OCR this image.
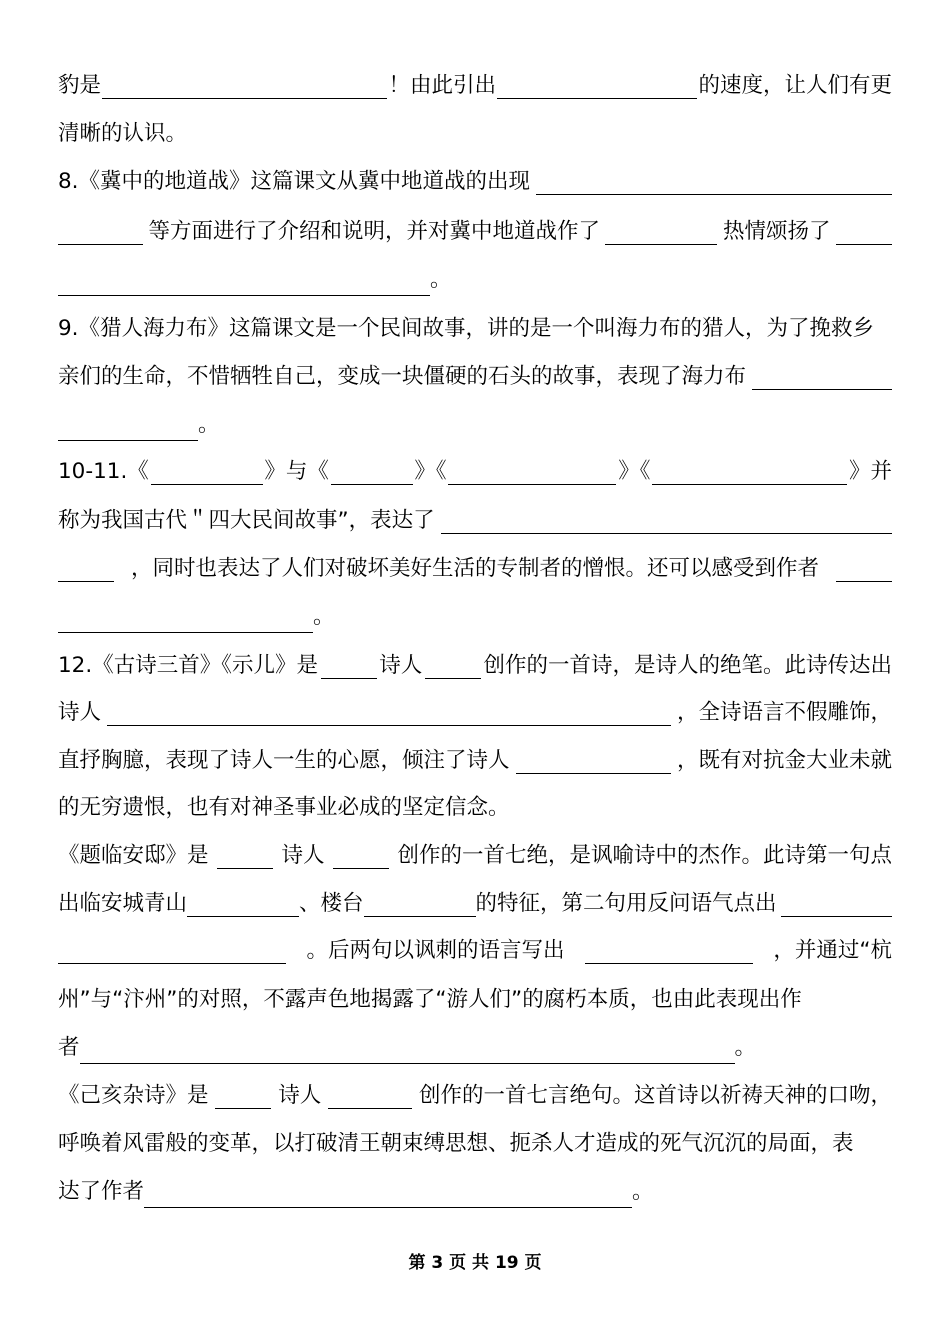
豹是	！由此引出	的速度，让人们有更
清晰的认识。
8.《冀中的地道战》这篇课文从冀中地道战的出现
等方面进行了介绍和说明，并对冀中地道战作了	热情颂扬了
。
9.《猎人海力布》这篇课文是一个民间故事，讲的是一个叫海力布的猎人，为了挽救乡
亲们的生命，不惜牺牲自己，变成一块僵硬的石头的故事，表现了海力布
。
10-11.《	》与《	》《	》《	》并
称为我国古代＂四大民间故事”，表达了
，同时也表达了人们对破坏美好生活的专制者的憎恨。还可以感受到作者
。
12.《古诗三首》《示儿》是	诗人	创作的一首诗，是诗人的绝笔。此诗传达出
诗人	，全诗语言不假雕饰，
直抒胸臆，表现了诗人一生的心愿，倾注了诗人	，既有对抗金大业未就
的无穷遗恨，也有对神圣事业必成的坚定信念。
《题临安邸》是	诗人	创作的一首七绝，是讽喻诗中的杰作。此诗第一句点
出临安城青山	、楼台	的特征，第二句用反问语气点出
。后两句以讽刺的语言写出	，并通过“杭
州”与“汴州”的对照，不露声色地揭露了“游人们”的腐朽本质，也由此表现出作
者	。
《己亥杂诗》是	诗人	创作的一首七言绝句。这首诗以祈祷天神的口吻，
呼唤着风雷般的变革，以打破清王朝束缚思想、扼杀人才造成的死气沉沉的局面，表
达了作者	。
第 3 页 共 19 页
